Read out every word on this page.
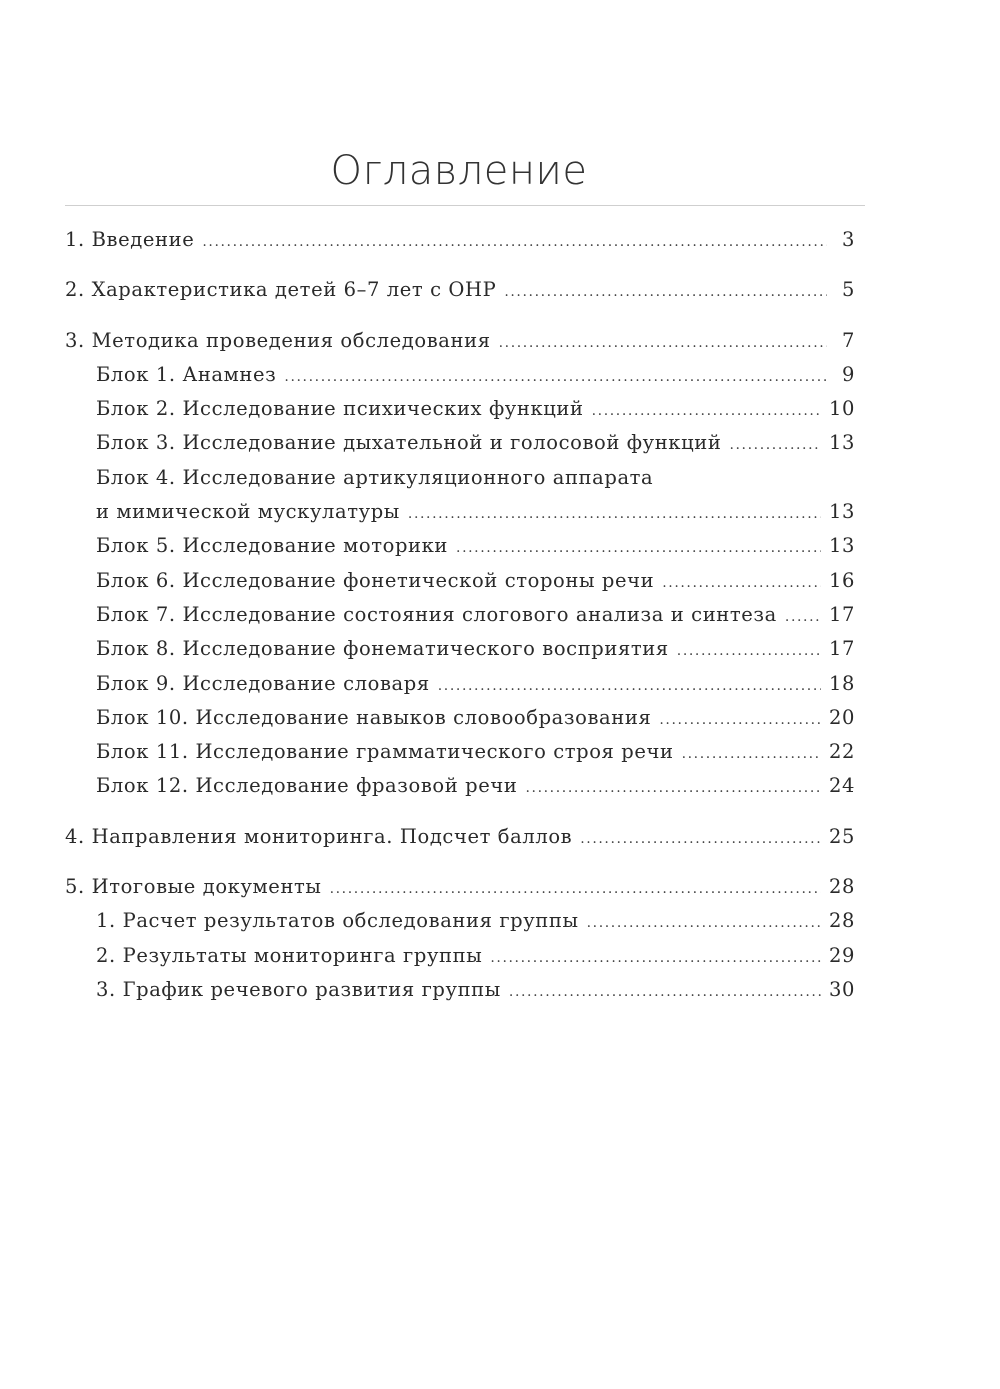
Оглавление
1. Введение .....	3
2. Характеристика детей 6–7 лет с ОНР .....	5
3. Методика проведения обследования .....	7
Блок 1. Анамнез .....	9
Блок 2. Исследование психических функций .....	10
Блок 3. Исследование дыхательной и голосовой функций .....	13
Блок 4. Исследование артикуляционного аппарата
и мимической мускулатуры .....	13
Блок 5. Исследование моторики .....	13
Блок 6. Исследование фонетической стороны речи .....	16
Блок 7. Исследование состояния слогового анализа и синтеза .....	17
Блок 8. Исследование фонематического восприятия .....	17
Блок 9. Исследование словаря .....	18
Блок 10. Исследование навыков словообразования .....	20
Блок 11. Исследование грамматического строя речи .....	22
Блок 12. Исследование фразовой речи .....	24
4. Направления мониторинга. Подсчет баллов .....	25
5. Итоговые документы .....	28
1. Расчет результатов обследования группы .....	28
2. Результаты мониторинга группы .....	29
3. График речевого развития группы .....	30
